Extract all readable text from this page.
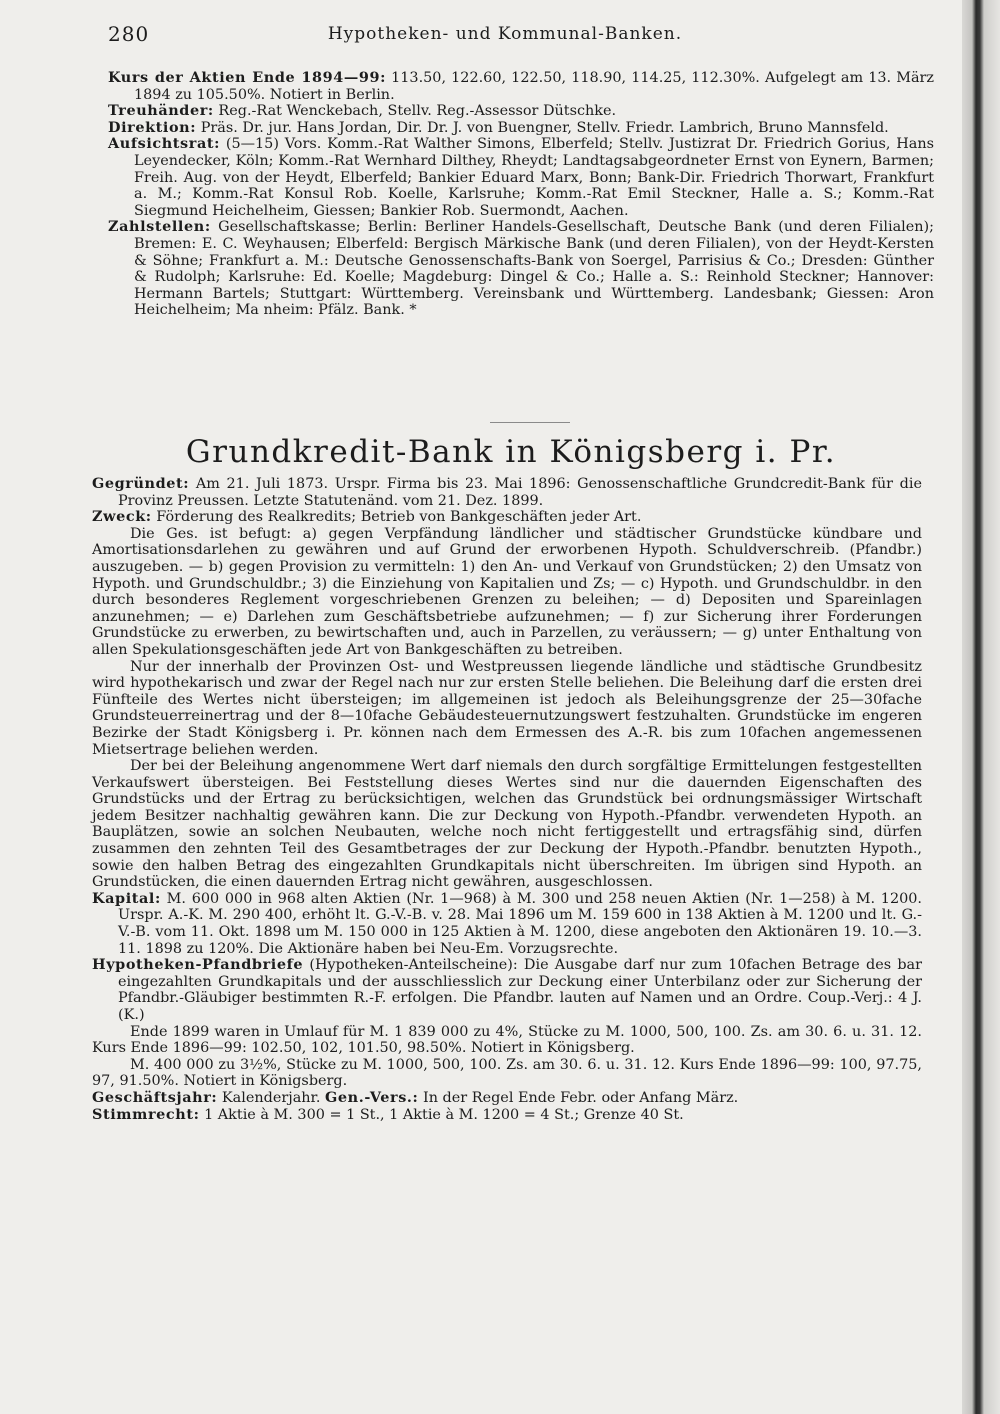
280	Hypotheken- und Kommunal-Banken.

Kurs der Aktien Ende 1894—99: 113.50, 122.60, 122.50, 118.90, 114.25, 112.30%. Aufgelegt am 13. März 1894 zu 105.50%. Notiert in Berlin.

Treuhänder: Reg.-Rat Wenckebach, Stellv. Reg.-Assessor Dütschke.

Direktion: Präs. Dr. jur. Hans Jordan, Dir. Dr. J. von Buengner, Stellv. Friedr. Lambrich, Bruno Mannsfeld.

Aufsichtsrat: (5—15) Vors. Komm.-Rat Walther Simons, Elberfeld; Stellv. Justizrat Dr. Friedrich Gorius, Hans Leyendecker, Köln; Komm.-Rat Wernhard Dilthey, Rheydt; Landtagsabgeordneter Ernst von Eynern, Barmen; Freih. Aug. von der Heydt, Elberfeld; Bankier Eduard Marx, Bonn; Bank-Dir. Friedrich Thorwart, Frankfurt a. M.; Komm.-Rat Konsul Rob. Koelle, Karlsruhe; Komm.-Rat Emil Steckner, Halle a. S.; Komm.-Rat Siegmund Heichelheim, Giessen; Bankier Rob. Suermondt, Aachen.

Zahlstellen: Gesellschaftskasse; Berlin: Berliner Handels-Gesellschaft, Deutsche Bank (und deren Filialen); Bremen: E. C. Weyhausen; Elberfeld: Bergisch Märkische Bank (und deren Filialen), von der Heydt-Kersten & Söhne; Frankfurt a. M.: Deutsche Genossenschafts-Bank von Soergel, Parrisius & Co.; Dresden: Günther & Rudolph; Karlsruhe: Ed. Koelle; Magdeburg: Dingel & Co.; Halle a. S.: Reinhold Steckner; Hannover: Hermann Bartels; Stuttgart: Württemberg. Vereinsbank und Württemberg. Landesbank; Giessen: Aron Heichelheim; Ma nheim: Pfälz. Bank. *

Grundkredit-Bank in Königsberg i. Pr.

Gegründet: Am 21. Juli 1873. Urspr. Firma bis 23. Mai 1896: Genossenschaftliche Grundcredit-Bank für die Provinz Preussen. Letzte Statutenänd. vom 21. Dez. 1899.

Zweck: Förderung des Realkredits; Betrieb von Bankgeschäften jeder Art.

Die Ges. ist befugt: a) gegen Verpfändung ländlicher und städtischer Grundstücke kündbare und Amortisationsdarlehen zu gewähren und auf Grund der erworbenen Hypoth. Schuldverschreib. (Pfandbr.) auszugeben. — b) gegen Provision zu vermitteln: 1) den An- und Verkauf von Grundstücken; 2) den Umsatz von Hypoth. und Grundschuldbr.; 3) die Einziehung von Kapitalien und Zs; — c) Hypoth. und Grundschuldbr. in den durch besonderes Reglement vorgeschriebenen Grenzen zu beleihen; — d) Depositen und Spareinlagen anzunehmen; — e) Darlehen zum Geschäftsbetriebe aufzunehmen; — f) zur Sicherung ihrer Forderungen Grundstücke zu erwerben, zu bewirtschaften und, auch in Parzellen, zu veräussern; — g) unter Enthaltung von allen Spekulationsgeschäften jede Art von Bankgeschäften zu betreiben.

Nur der innerhalb der Provinzen Ost- und Westpreussen liegende ländliche und städtische Grundbesitz wird hypothekarisch und zwar der Regel nach nur zur ersten Stelle beliehen. Die Beleihung darf die ersten drei Fünfteile des Wertes nicht übersteigen; im allgemeinen ist jedoch als Beleihungsgrenze der 25—30fache Grundsteuerreinertrag und der 8—10fache Gebäudesteuernutzungswert festzuhalten. Grundstücke im engeren Bezirke der Stadt Königsberg i. Pr. können nach dem Ermessen des A.-R. bis zum 10fachen angemessenen Mietsertrage beliehen werden.

Der bei der Beleihung angenommene Wert darf niemals den durch sorgfältige Ermittelungen festgestellten Verkaufswert übersteigen. Bei Feststellung dieses Wertes sind nur die dauernden Eigenschaften des Grundstücks und der Ertrag zu berücksichtigen, welchen das Grundstück bei ordnungsmässiger Wirtschaft jedem Besitzer nachhaltig gewähren kann. Die zur Deckung von Hypoth.-Pfandbr. verwendeten Hypoth. an Bauplätzen, sowie an solchen Neubauten, welche noch nicht fertiggestellt und ertragsfähig sind, dürfen zusammen den zehnten Teil des Gesamtbetrages der zur Deckung der Hypoth.-Pfandbr. benutzten Hypoth., sowie den halben Betrag des eingezahlten Grundkapitals nicht überschreiten. Im übrigen sind Hypoth. an Grundstücken, die einen dauernden Ertrag nicht gewähren, ausgeschlossen.

Kapital: M. 600 000 in 968 alten Aktien (Nr. 1—968) à M. 300 und 258 neuen Aktien (Nr. 1—258) à M. 1200. Urspr. A.-K. M. 290 400, erhöht lt. G.-V.-B. v. 28. Mai 1896 um M. 159 600 in 138 Aktien à M. 1200 und lt. G.-V.-B. vom 11. Okt. 1898 um M. 150 000 in 125 Aktien à M. 1200, diese angeboten den Aktionären 19. 10.—3. 11. 1898 zu 120%. Die Aktionäre haben bei Neu-Em. Vorzugsrechte.

Hypotheken-Pfandbriefe (Hypotheken-Anteilscheine): Die Ausgabe darf nur zum 10fachen Betrage des bar eingezahlten Grundkapitals und der ausschliesslich zur Deckung einer Unterbilanz oder zur Sicherung der Pfandbr.-Gläubiger bestimmten R.-F. erfolgen. Die Pfandbr. lauten auf Namen und an Ordre. Coup.-Verj.: 4 J. (K.)

Ende 1899 waren in Umlauf für M. 1 839 000 zu 4%, Stücke zu M. 1000, 500, 100. Zs. am 30. 6. u. 31. 12. Kurs Ende 1896—99: 102.50, 102, 101.50, 98.50%. Notiert in Königsberg.

M. 400 000 zu 3½%, Stücke zu M. 1000, 500, 100. Zs. am 30. 6. u. 31. 12. Kurs Ende 1896—99: 100, 97.75, 97, 91.50%. Notiert in Königsberg.

Geschäftsjahr: Kalenderjahr. Gen.-Vers.: In der Regel Ende Febr. oder Anfang März.

Stimmrecht: 1 Aktie à M. 300 = 1 St., 1 Aktie à M. 1200 = 4 St.; Grenze 40 St.
